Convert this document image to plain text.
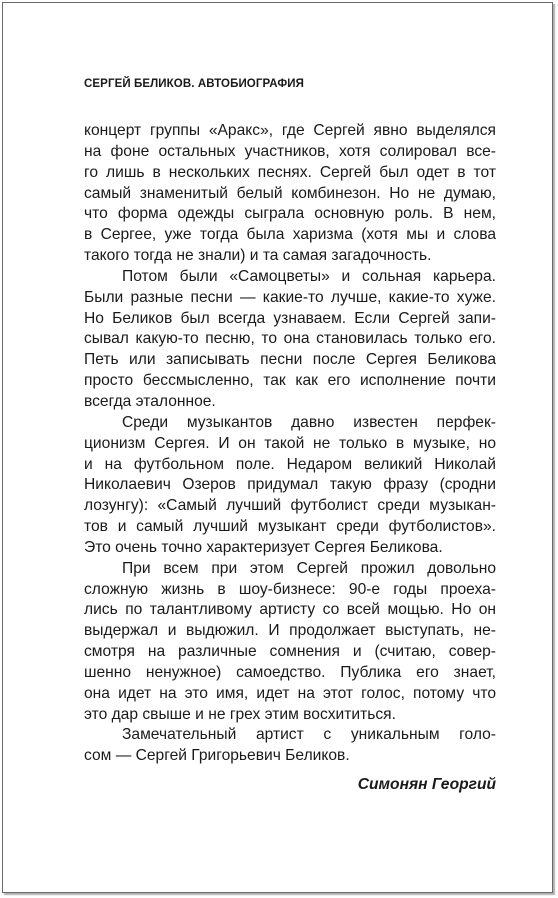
СЕРГЕЙ БЕЛИКОВ. АВТОБИОГРАФИЯ
концерт группы «Аракс», где Сергей явно выделялся
на фоне остальных участников, хотя солировал все-
го лишь в нескольких песнях. Сергей был одет в тот
самый знаменитый белый комбинезон. Но не думаю,
что форма одежды сыграла основную роль. В нем,
в Сергее, уже тогда была харизма (хотя мы и слова
такого тогда не знали) и та самая загадочность.
Потом были «Самоцветы» и сольная карьера.
Были разные песни — какие-то лучше, какие-то хуже.
Но Беликов был всегда узнаваем. Если Сергей запи-
сывал какую-то песню, то она становилась только его.
Петь или записывать песни после Сергея Беликова
просто бессмысленно, так как его исполнение почти
всегда эталонное.
Среди музыкантов давно известен перфек-
ционизм Сергея. И он такой не только в музыке, но
и на футбольном поле. Недаром великий Николай
Николаевич Озеров придумал такую фразу (сродни
лозунгу): «Самый лучший футболист среди музыкан-
тов и самый лучший музыкант среди футболистов».
Это очень точно характеризует Сергея Беликова.
При всем при этом Сергей прожил довольно
сложную жизнь в шоу-бизнесе: 90-е годы проеха-
лись по талантливому артисту со всей мощью. Но он
выдержал и выдюжил. И продолжает выступать, не-
смотря на различные сомнения и (считаю, совер-
шенно ненужное) самоедство. Публика его знает,
она идет на это имя, идет на этот голос, потому что
это дар свыше и не грех этим восхититься.
Замечательный артист с уникальным голо-
сом — Сергей Григорьевич Беликов.
Симонян Георгий
